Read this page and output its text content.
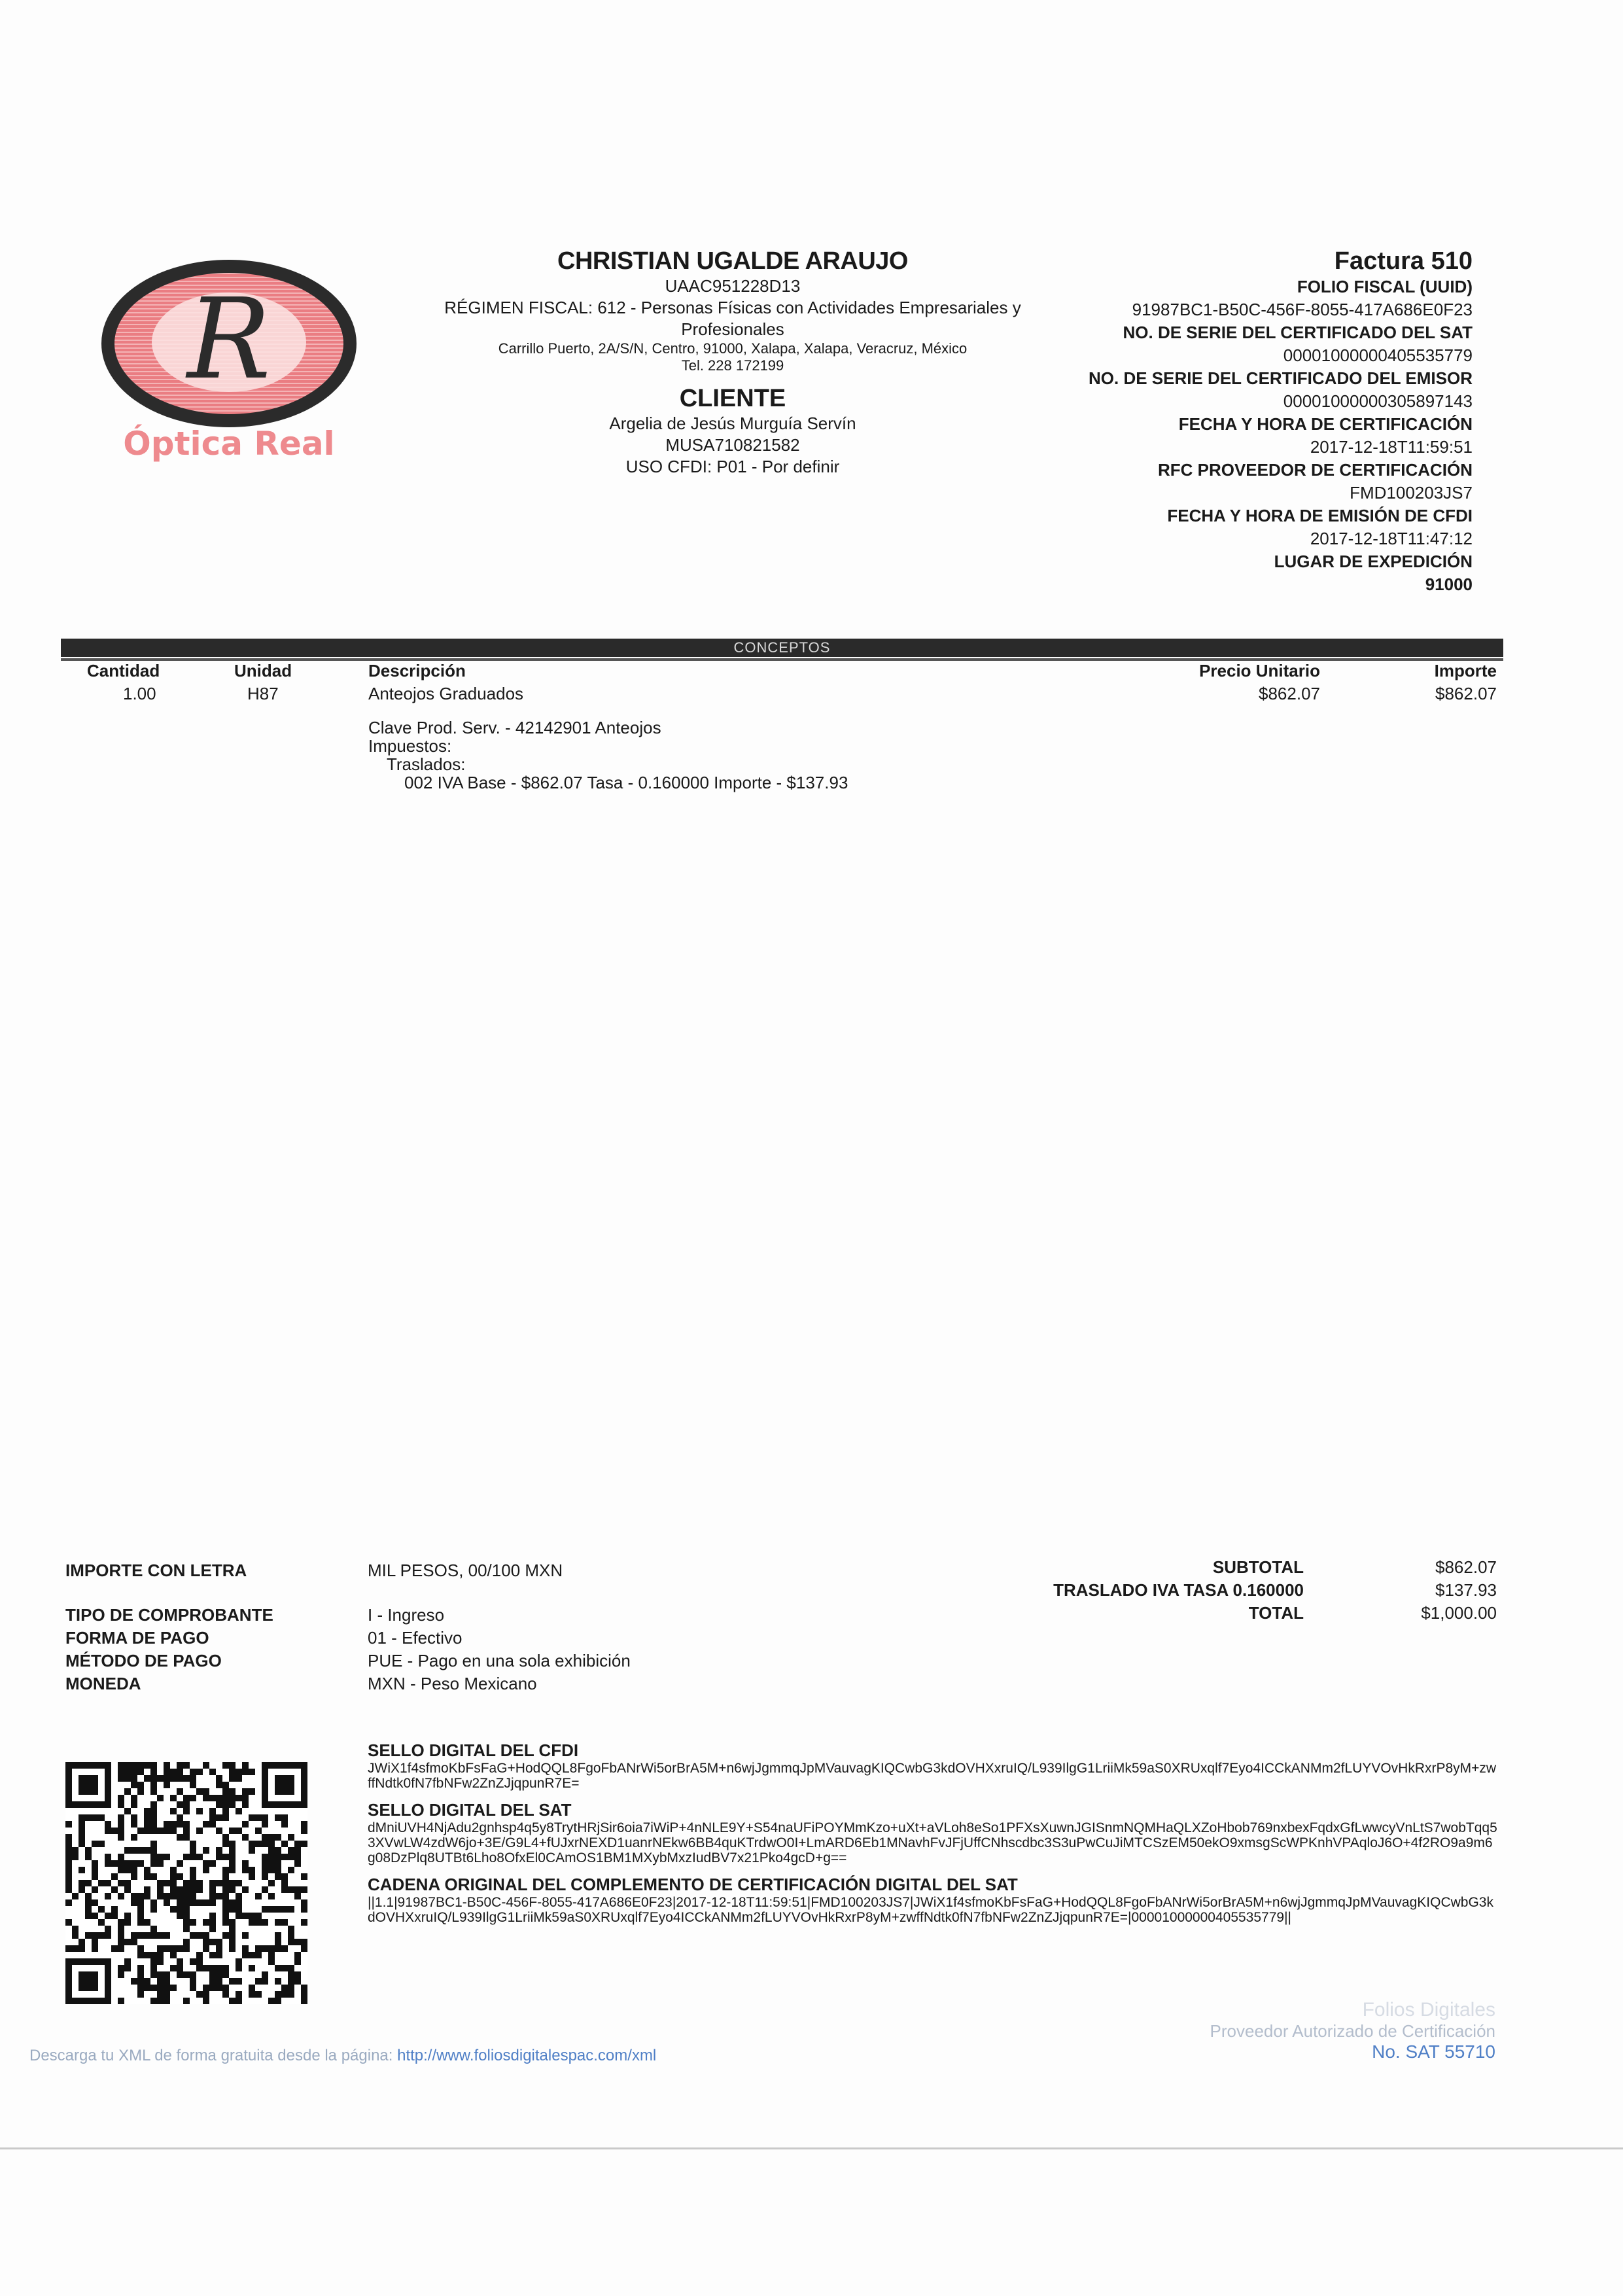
R
Óptica Real
CHRISTIAN UGALDE ARAUJO
UAAC951228D13
RÉGIMEN FISCAL: 612 - Personas Físicas con Actividades Empresariales y Profesionales
Carrillo Puerto, 2A/S/N, Centro, 91000, Xalapa, Xalapa, Veracruz, México
Tel. 228 172199
CLIENTE
Argelia de Jesús Murguía Servín
MUSA710821582
USO CFDI: P01 - Por definir
Factura 510
FOLIO FISCAL (UUID)
91987BC1-B50C-456F-8055-417A686E0F23
NO. DE SERIE DEL CERTIFICADO DEL SAT
00001000000405535779
NO. DE SERIE DEL CERTIFICADO DEL EMISOR
00001000000305897143
FECHA Y HORA DE CERTIFICACIÓN
2017-12-18T11:59:51
RFC PROVEEDOR DE CERTIFICACIÓN
FMD100203JS7
FECHA Y HORA DE EMISIÓN DE CFDI
2017-12-18T11:47:12
LUGAR DE EXPEDICIÓN
91000
CONCEPTOS
Cantidad	Unidad	Descripción	Precio Unitario	Importe
1.00	H87	Anteojos Graduados	$862.07	$862.07
Clave Prod. Serv. - 42142901 Anteojos
Impuestos:
Traslados:
002 IVA Base - $862.07 Tasa - 0.160000 Importe - $137.93
IMPORTE CON LETRA	MIL PESOS, 00/100 MXN
TIPO DE COMPROBANTE	I - Ingreso
FORMA DE PAGO	01 - Efectivo
MÉTODO DE PAGO	PUE - Pago en una sola exhibición
MONEDA	MXN - Peso Mexicano
SUBTOTAL	$862.07
TRASLADO IVA TASA 0.160000	$137.93
TOTAL	$1,000.00
SELLO DIGITAL DEL CFDI
JWiX1f4sfmoKbFsFaG+HodQQL8FgoFbANrWi5orBrA5M+n6wjJgmmqJpMVauvagKIQCwbG3kdOVHXxruIQ/L939IlgG1LriiMk59aS0XRUxqlf7Eyo4ICCkANMm2fLUYVOvHkRxrP8yM+zwffNdtk0fN7fbNFw2ZnZJjqpunR7E=
SELLO DIGITAL DEL SAT
dMniUVH4NjAdu2gnhsp4q5y8TrytHRjSir6oia7iWiP+4nNLE9Y+S54naUFiPOYMmKzo+uXt+aVLoh8eSo1PFXsXuwnJGISnmNQMHaQLXZoHbob769nxbexFqdxGfLwwcyVnLtS7wobTqq53XVwLW4zdW6jo+3E/G9L4+fUJxrNEXD1uanrNEkw6BB4quKTrdwO0I+LmARD6Eb1MNavhFvJFjUffCNhscdbc3S3uPwCuJiMTCSzEM50ekO9xmsgScWPKnhVPAqloJ6O+4f2RO9a9m6g08DzPlq8UTBt6Lho8OfxEl0CAmOS1BM1MXybMxzIudBV7x21Pko4gcD+g==
CADENA ORIGINAL DEL COMPLEMENTO DE CERTIFICACIÓN DIGITAL DEL SAT
||1.1|91987BC1-B50C-456F-8055-417A686E0F23|2017-12-18T11:59:51|FMD100203JS7|JWiX1f4sfmoKbFsFaG+HodQQL8FgoFbANrWi5orBrA5M+n6wjJgmmqJpMVauvagKIQCwbG3kdOVHXxruIQ/L939IlgG1LriiMk59aS0XRUxqlf7Eyo4ICCkANMm2fLUYVOvHkRxrP8yM+zwffNdtk0fN7fbNFw2ZnZJjqpunR7E=|00001000000405535779||
Folios Digitales
Proveedor Autorizado de Certificación
No. SAT 55710
Descarga tu XML de forma gratuita desde la página: http://www.foliosdigitalespac.com/xml
